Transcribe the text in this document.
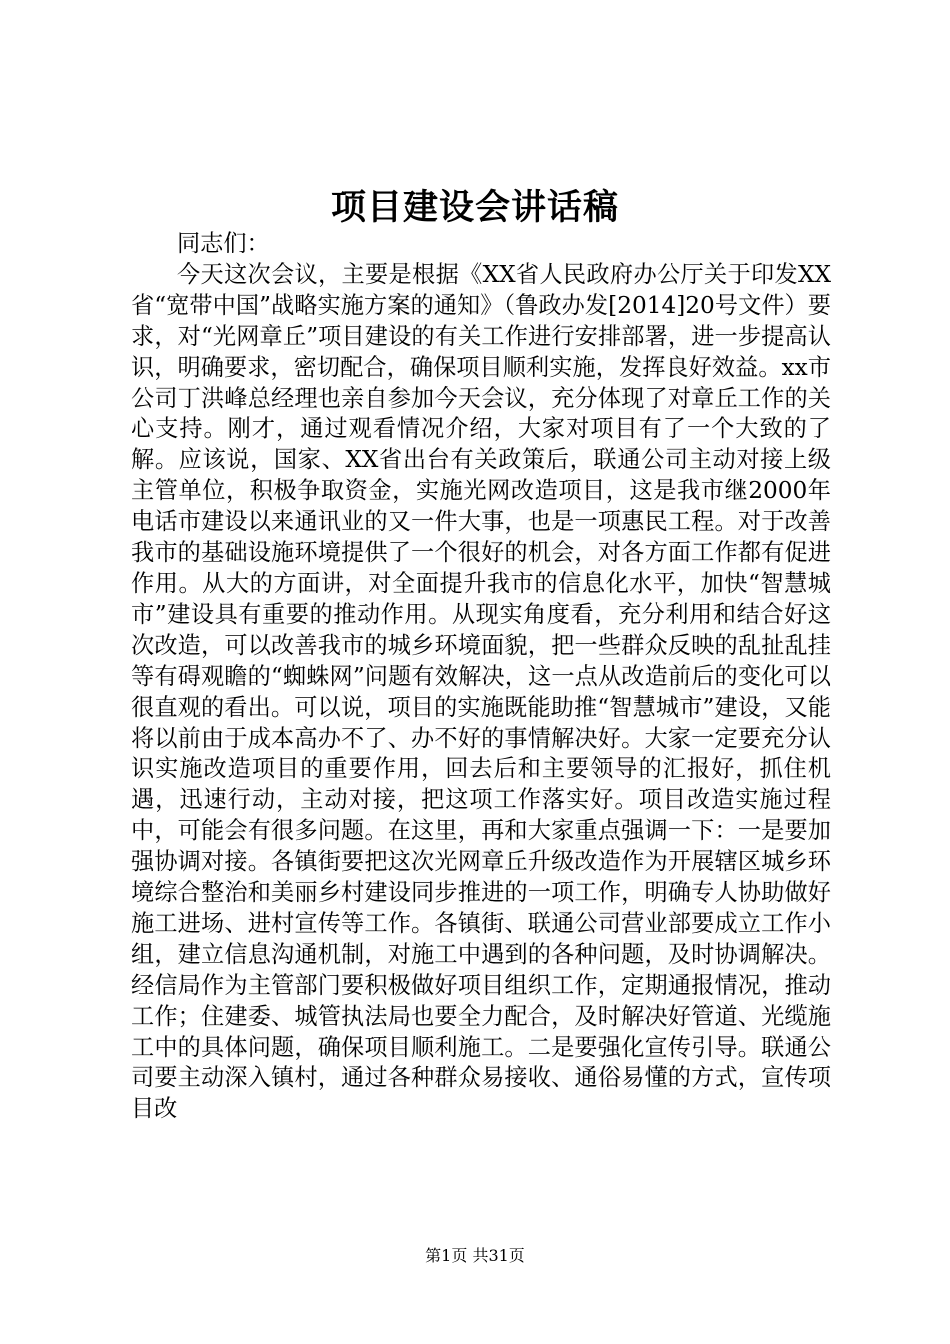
项目建设会讲话稿

同志们：

今天这次会议，主要是根据《XX省人民政府办公厅关于印发XX省“宽带中国”战略实施方案的通知》（鲁政办发[2014]20号文件）要求，对“光网章丘”项目建设的有关工作进行安排部署，进一步提高认识，明确要求，密切配合，确保项目顺利实施，发挥良好效益。xx市公司丁洪峰总经理也亲自参加今天会议，充分体现了对章丘工作的关心支持。刚才，通过观看情况介绍，大家对项目有了一个大致的了解。应该说，国家、XX省出台有关政策后，联通公司主动对接上级主管单位，积极争取资金，实施光网改造项目，这是我市继2000年电话市建设以来通讯业的又一件大事，也是一项惠民工程。对于改善我市的基础设施环境提供了一个很好的机会，对各方面工作都有促进作用。从大的方面讲，对全面提升我市的信息化水平，加快“智慧城市”建设具有重要的推动作用。从现实角度看，充分利用和结合好这次改造，可以改善我市的城乡环境面貌，把一些群众反映的乱扯乱挂等有碍观瞻的“蜘蛛网”问题有效解决，这一点从改造前后的变化可以很直观的看出。可以说，项目的实施既能助推“智慧城市”建设，又能将以前由于成本高办不了、办不好的事情解决好。大家一定要充分认识实施改造项目的重要作用，回去后和主要领导的汇报好，抓住机遇，迅速行动，主动对接，把这项工作落实好。项目改造实施过程中，可能会有很多问题。在这里，再和大家重点强调一下：一是要加强协调对接。各镇街要把这次光网章丘升级改造作为开展辖区城乡环境综合整治和美丽乡村建设同步推进的一项工作，明确专人协助做好施工进场、进村宣传等工作。各镇街、联通公司营业部要成立工作小组，建立信息沟通机制，对施工中遇到的各种问题，及时协调解决。经信局作为主管部门要积极做好项目组织工作，定期通报情况，推动工作；住建委、城管执法局也要全力配合，及时解决好管道、光缆施工中的具体问题，确保项目顺利施工。二是要强化宣传引导。联通公司要主动深入镇村，通过各种群众易接收、通俗易懂的方式，宣传项目改

第1页 共31页
